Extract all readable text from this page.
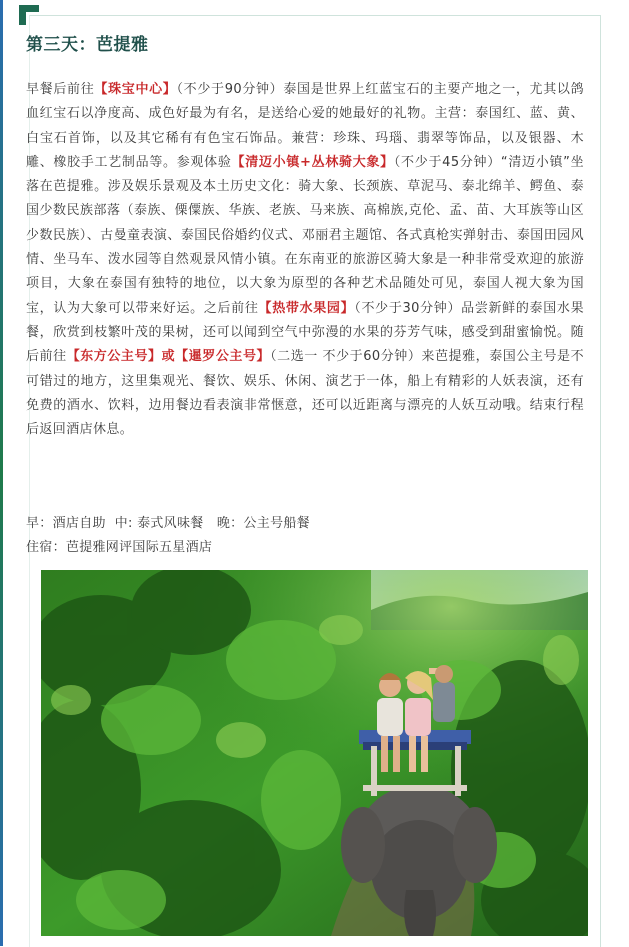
第三天：芭提雅

早餐后前往【珠宝中心】（不少于90分钟）泰国是世界上红蓝宝石的主要产地之一，尤其以鸽血红宝石以净度高、成色好最为有名，是送给心爱的她最好的礼物。主营：泰国红、蓝、黄、白宝石首饰，以及其它稀有有色宝石饰品。兼营：珍珠、玛瑙、翡翠等饰品，以及银器、木雕、橡胶手工艺制品等。参观体验【清迈小镇+丛林骑大象】（不少于45分钟）“清迈小镇”坐落在芭提雅。涉及娱乐景观及本土历史文化：骑大象、长颈族、草泥马、泰北绵羊、鳄鱼、泰国少数民族部落（泰族、傈僳族、华族、老族、马来族、高棉族,克伦、孟、苗、大耳族等山区少数民族）、古曼童表演、泰国民俗婚约仪式、邓丽君主题馆、各式真枪实弹射击、泰国田园风情、坐马车、泼水园等自然观景风情小镇。在东南亚的旅游区骑大象是一种非常受欢迎的旅游项目，大象在泰国有独特的地位，以大象为原型的各种艺术品随处可见，泰国人视大象为国宝，认为大象可以带来好运。之后前往【热带水果园】（不少于30分钟）品尝新鲜的泰国水果餐，欣赏到枝繁叶茂的果树，还可以闻到空气中弥漫的水果的芬芳气味，感受到甜蜜愉悦。随后前往【东方公主号】或【暹罗公主号】（二选一 不少于60分钟）来芭提雅，泰国公主号是不可错过的地方，这里集观光、餐饮、娱乐、休闲、演艺于一体，船上有精彩的人妖表演，还有免费的酒水、饮料，边用餐边看表演非常惬意，还可以近距离与漂亮的人妖互动哦。结束行程后返回酒店休息。

早：酒店自助  中: 泰式风味餐   晚：公主号船餐
住宿：芭提雅网评国际五星酒店
